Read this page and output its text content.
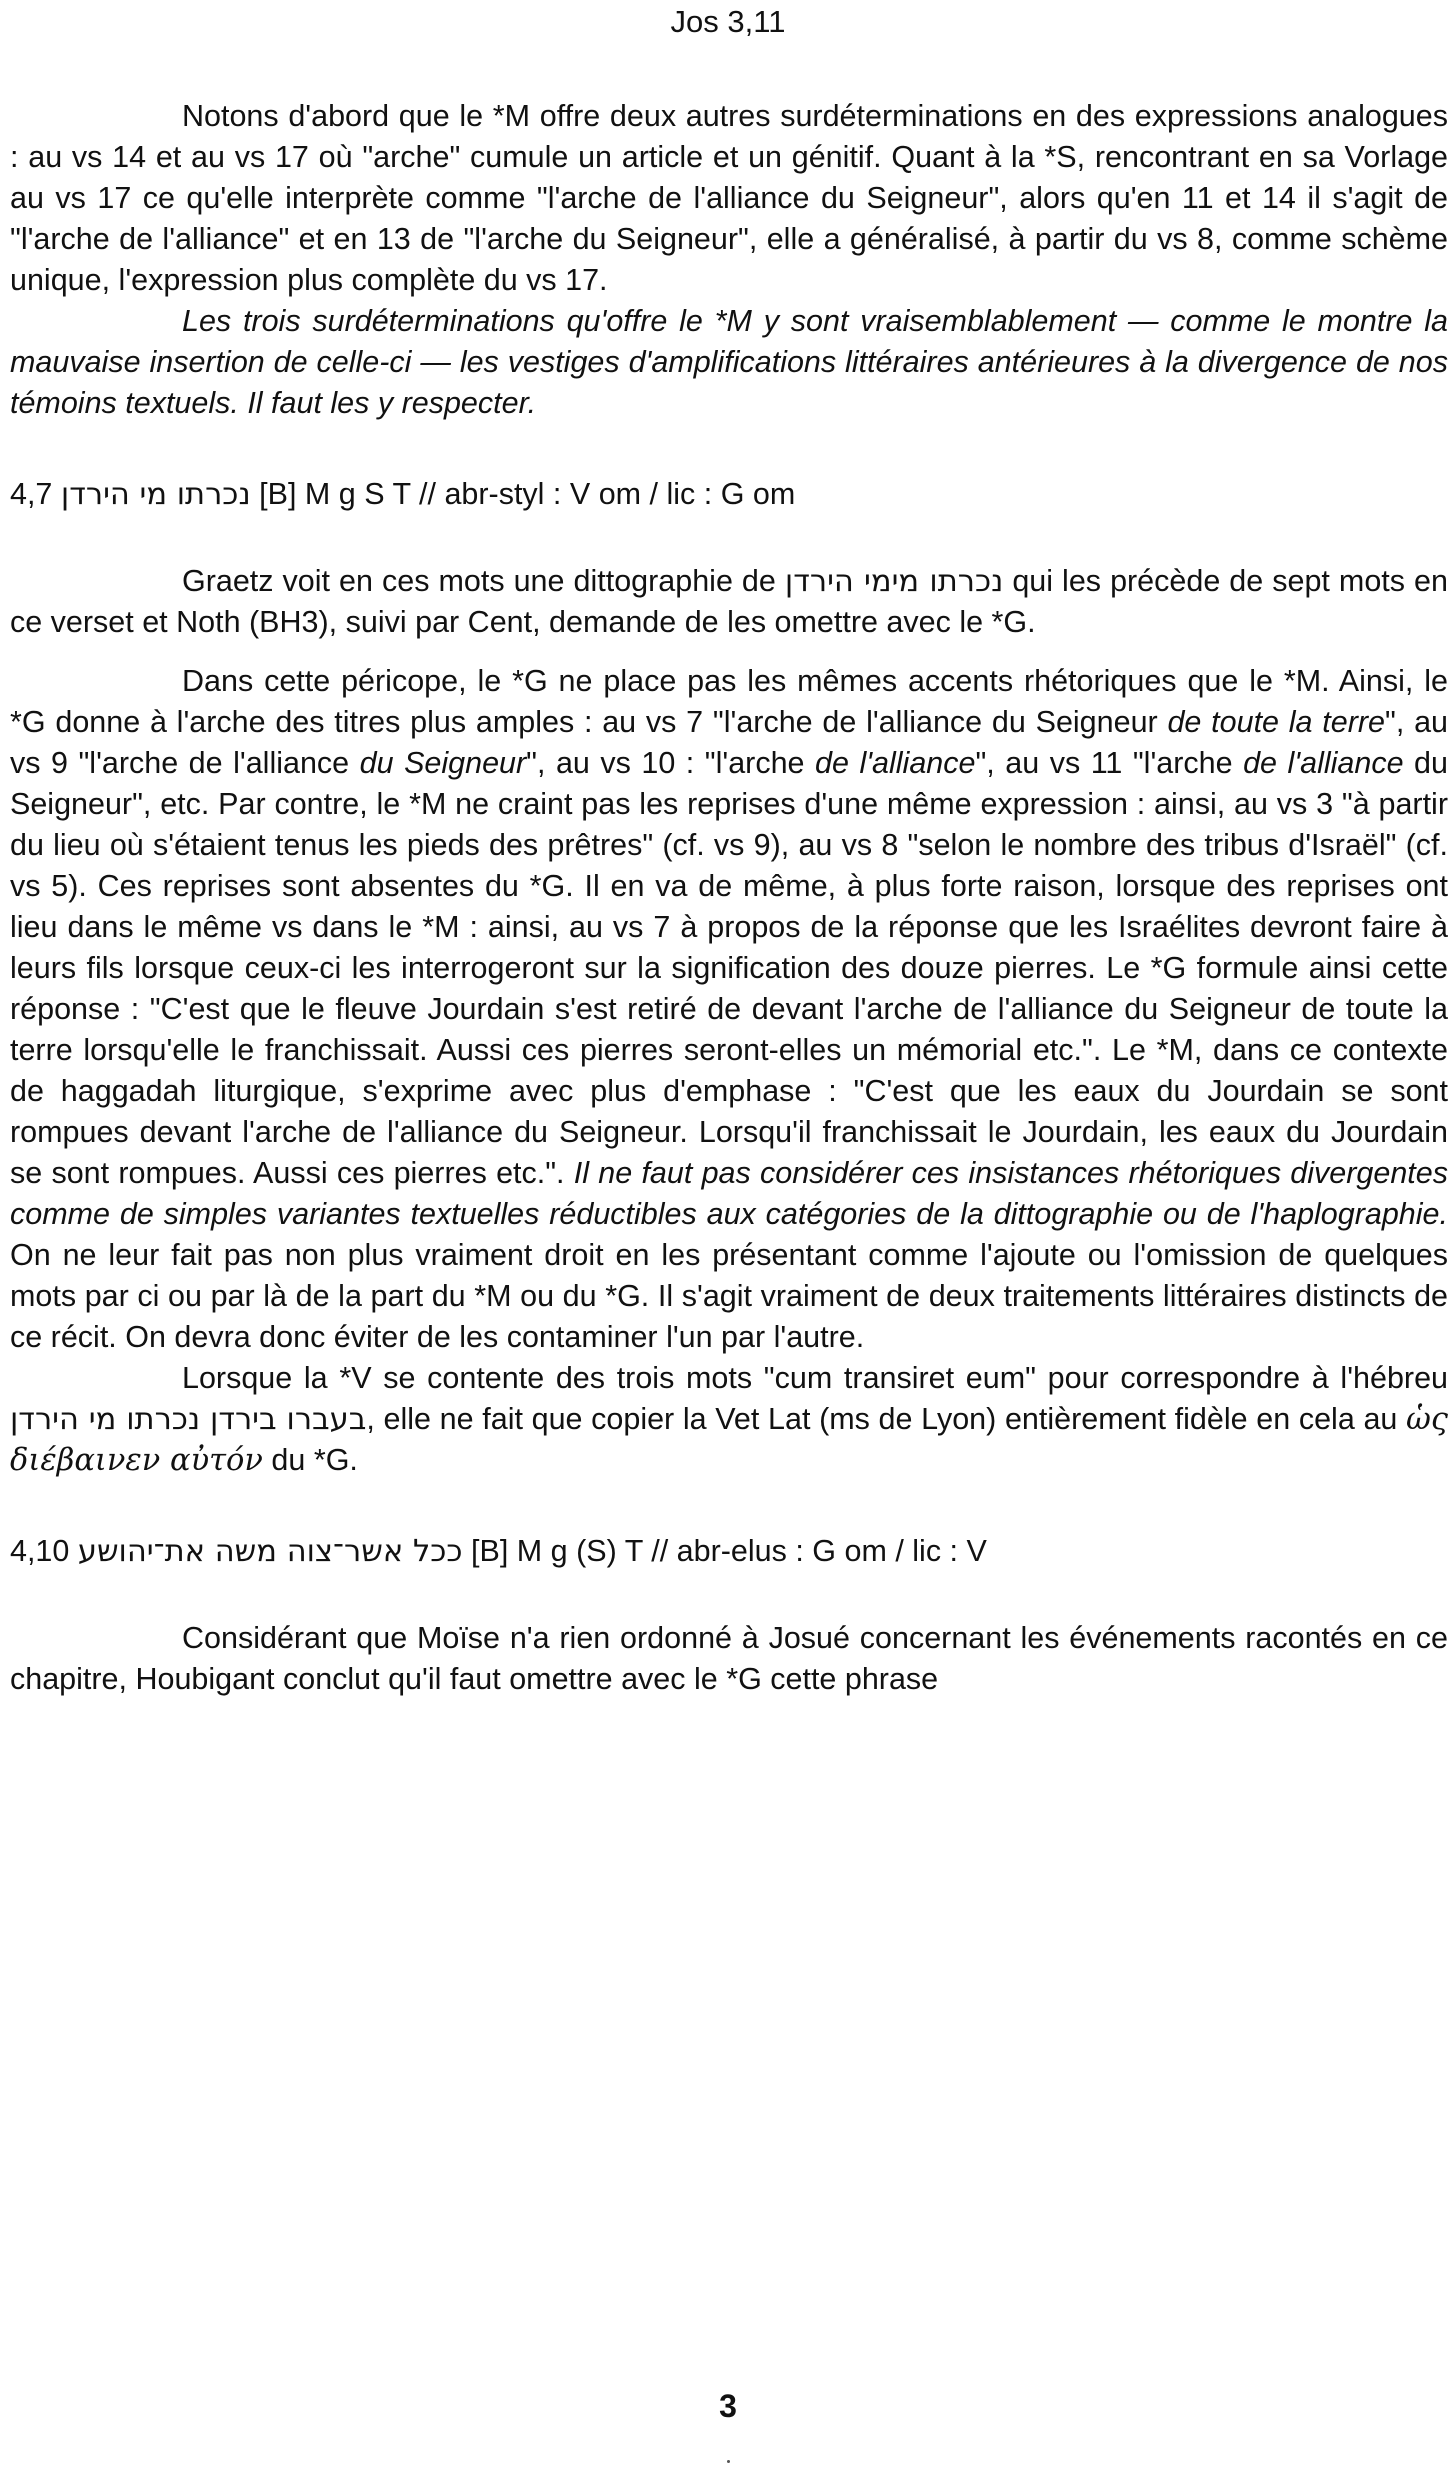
Jos 3,11

Notons d'abord que le *M offre deux autres surdéterminations en des expressions analogues : au vs 14 et au vs 17 où "arche" cumule un article et un génitif. Quant à la *S, rencontrant en sa Vorlage au vs 17 ce qu'elle interprète comme "l'arche de l'alliance du Seigneur", alors qu'en 11 et 14 il s'agit de "l'arche de l'alliance" et en 13 de "l'arche du Seigneur", elle a généralisé, à partir du vs 8, comme schème unique, l'expression plus complète du vs 17.

Les trois surdéterminations qu'offre le *M y sont vraisemblablement — comme le montre la mauvaise insertion de celle-ci — les vestiges d'amplifications littéraires antérieures à la divergence de nos témoins textuels. Il faut les y respecter.

4,7 נכרתו מי הירדן [B] M g S T // abr-styl : V om / lic : G om

Graetz voit en ces mots une dittographie de נכרתו מימי הירדן qui les précède de sept mots en ce verset et Noth (BH3), suivi par Cent, demande de les omettre avec le *G.

Dans cette péricope, le *G ne place pas les mêmes accents rhétoriques que le *M. Ainsi, le *G donne à l'arche des titres plus amples : au vs 7 "l'arche de l'alliance du Seigneur de toute la terre", au vs 9 "l'arche de l'alliance du Seigneur", au vs 10 : "l'arche de l'alliance", au vs 11 "l'arche de l'alliance du Seigneur", etc. Par contre, le *M ne craint pas les reprises d'une même expression : ainsi, au vs 3 "à partir du lieu où s'étaient tenus les pieds des prêtres" (cf. vs 9), au vs 8 "selon le nombre des tribus d'Israël" (cf. vs 5). Ces reprises sont absentes du *G. Il en va de même, à plus forte raison, lorsque des reprises ont lieu dans le même vs dans le *M : ainsi, au vs 7 à propos de la réponse que les Israélites devront faire à leurs fils lorsque ceux-ci les interrogeront sur la signification des douze pierres. Le *G formule ainsi cette réponse : "C'est que le fleuve Jourdain s'est retiré de devant l'arche de l'alliance du Seigneur de toute la terre lorsqu'elle le franchissait. Aussi ces pierres seront-elles un mémorial etc.". Le *M, dans ce contexte de haggadah liturgique, s'exprime avec plus d'emphase : "C'est que les eaux du Jourdain se sont rompues devant l'arche de l'alliance du Seigneur. Lorsqu'il franchissait le Jourdain, les eaux du Jourdain se sont rompues. Aussi ces pierres etc.". Il ne faut pas considérer ces insistances rhétoriques divergentes comme de simples variantes textuelles réductibles aux catégories de la dittographie ou de l'haplographie. On ne leur fait pas non plus vraiment droit en les présentant comme l'ajoute ou l'omission de quelques mots par ci ou par là de la part du *M ou du *G. Il s'agit vraiment de deux traitements littéraires distincts de ce récit. On devra donc éviter de les contaminer l'un par l'autre.

Lorsque la *V se contente des trois mots "cum transiret eum" pour correspondre à l'hébreu בעברו בירדן נכרתו מי הירדן, elle ne fait que copier la Vet Lat (ms de Lyon) entièrement fidèle en cela au ὡς διέβαινεν αὐτόν du *G.

4,10 ככל אשר־צוה משה את־יהושע [B] M g (S) T // abr-elus : G om / lic : V

Considérant que Moïse n'a rien ordonné à Josué concernant les événements racontés en ce chapitre, Houbigant conclut qu'il faut omettre avec le *G cette phrase

3
